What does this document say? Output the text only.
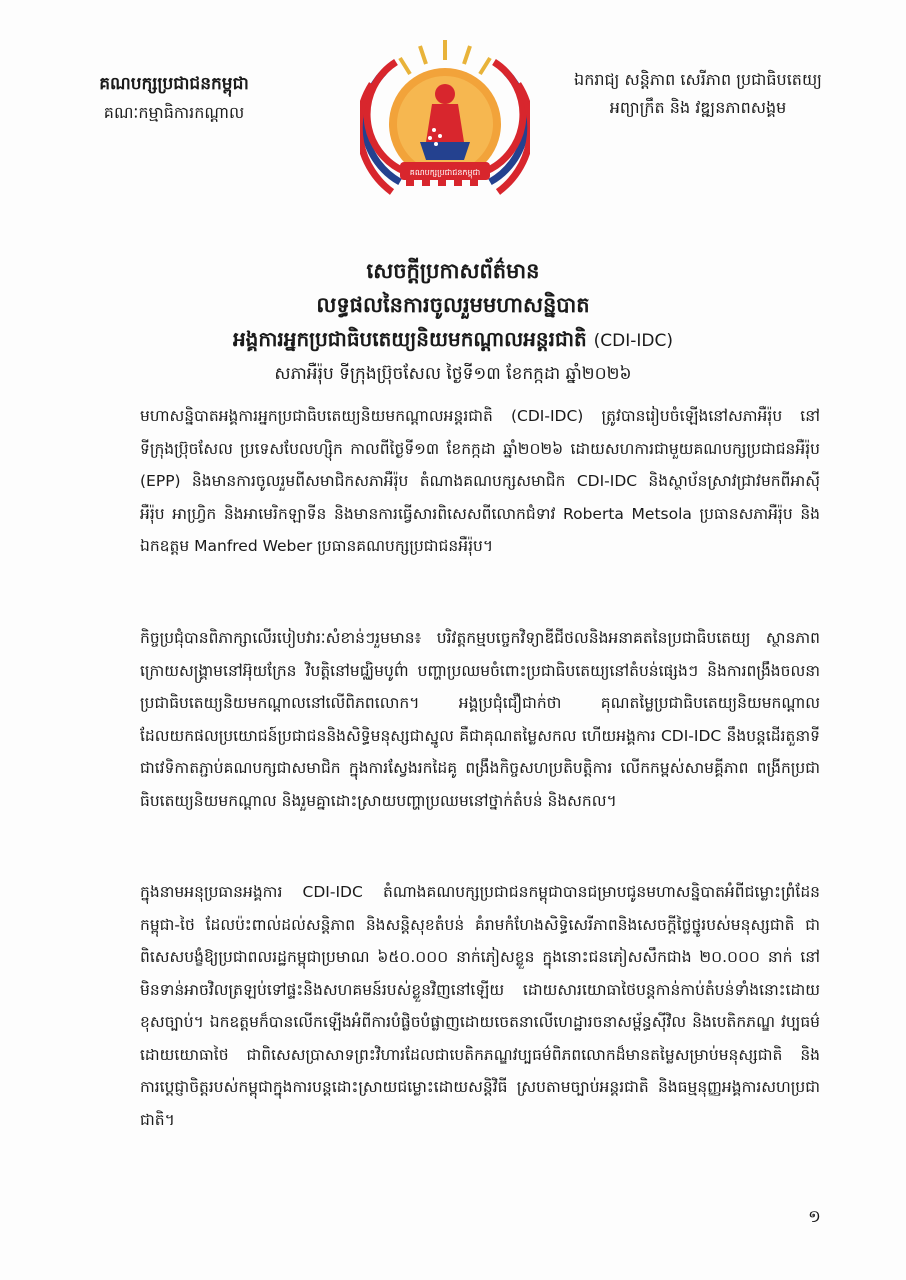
គណបក្សប្រជាជនកម្ពុជា
គណៈកម្មាធិការកណ្តាល
គណបក្សប្រជាជនកម្ពុជា
ឯករាជ្យ សន្តិភាព សេរីភាព ប្រជាធិបតេយ្យ
អព្យាក្រឹត និង វឌ្ឍនភាពសង្គម
សេចក្តីប្រកាសព័ត៌មាន
លទ្ធផលនៃការចូលរួមមហាសន្និបាត
អង្គការអ្នកប្រជាធិបតេយ្យនិយមកណ្តាលអន្តរជាតិ (CDI-IDC)
សភាអឺរ៉ុប ទីក្រុងប្រ៊ុចសែល ថ្ងៃទី១៣ ខែកក្កដា ឆ្នាំ២០២៦
មហាសន្និបាតអង្គការអ្នកប្រជាធិបតេយ្យនិយមកណ្តាលអន្តរជាតិ (CDI-IDC) ត្រូវបានរៀបចំឡើងនៅសភាអឺរ៉ុប នៅទីក្រុងប្រ៊ុចសែល ប្រទេសបែលហ្ស៊ិក កាលពីថ្ងៃទី១៣ ខែកក្កដា ឆ្នាំ២០២៦ ដោយសហការជាមួយគណបក្សប្រជាជនអឺរ៉ុប (EPP) និងមានការចូលរួមពីសមាជិកសភាអឺរ៉ុប តំណាងគណបក្សសមាជិក CDI-IDC និងស្ថាប័នស្រាវជ្រាវមកពីអាស៊ី អឺរ៉ុប អាហ្វ្រិក និងអាមេរិកឡាទីន និងមានការធ្វើសារពិសេសពីលោកជំទាវ Roberta Metsola ប្រធានសភាអឺរ៉ុប និងឯកឧត្តម Manfred Weber ប្រធានគណបក្សប្រជាជនអឺរ៉ុប។
កិច្ចប្រជុំបានពិភាក្សាលើរបៀបវារៈសំខាន់ៗរួមមាន៖ បរិវត្តកម្មបច្ចេកវិទ្យាឌីជីថលនិងអនាគតនៃប្រជាធិបតេយ្យ ស្ថានភាពក្រោយសង្គ្រាមនៅអ៊ុយក្រែន វិបត្តិនៅមជ្ឈិមបូព៌ា បញ្ហាប្រឈមចំពោះប្រជាធិបតេយ្យនៅតំបន់ផ្សេងៗ និងការពង្រឹងចលនាប្រជាធិបតេយ្យនិយមកណ្តាលនៅលើពិភពលោក។ អង្គប្រជុំជឿជាក់ថា គុណតម្លៃប្រជាធិបតេយ្យនិយមកណ្តាលដែលយកផលប្រយោជន៍ប្រជាជននិងសិទ្ធិមនុស្សជាស្នូល គឺជាគុណតម្លៃសកល ហើយអង្គការ CDI-IDC នឹងបន្តដើរតួនាទីជាវេទិកាតភ្ជាប់គណបក្សជាសមាជិក ក្នុងការស្វែងរកដៃគូ ពង្រឹងកិច្ចសហប្រតិបត្តិការ លើកកម្ពស់សាមគ្គីភាព ពង្រីកប្រជាធិបតេយ្យនិយមកណ្តាល និងរួមគ្នាដោះស្រាយបញ្ហាប្រឈមនៅថ្នាក់តំបន់ និងសកល។
ក្នុងនាមអនុប្រធានអង្គការ CDI-IDC តំណាងគណបក្សប្រជាជនកម្ពុជាបានជម្រាបជូនមហាសន្និបាតអំពីជម្លោះព្រំដែនកម្ពុជា-ថៃ ដែលប៉ះពាល់ដល់សន្តិភាព និងសន្តិសុខតំបន់ គំរាមកំហែងសិទ្ធិសេរីភាពនិងសេចក្តីថ្លៃថ្នូរបស់មនុស្សជាតិ ជាពិសេសបង្ខំឱ្យប្រជាពលរដ្ឋកម្ពុជាប្រមាណ ៦៥០.០០០ នាក់ភៀសខ្លួន ក្នុងនោះជនភៀសសឹកជាង ២០.០០០ នាក់ នៅមិនទាន់អាចវិលត្រឡប់ទៅផ្ទះនិងសហគមន៍របស់ខ្លួនវិញនៅឡើយ ដោយសារយោធាថៃបន្តកាន់កាប់តំបន់ទាំងនោះដោយខុសច្បាប់។ ឯកឧត្តមក៏បានលើកឡើងអំពីការបំផ្លិចបំផ្លាញដោយចេតនាលើហេដ្ឋារចនាសម្ព័ន្ធស៊ីវិល និងបេតិកភណ្ឌ វប្បធម៌ដោយយោធាថៃ ជាពិសេសប្រាសាទព្រះវិហារដែលជាបេតិកភណ្ឌវប្បធម៌ពិភពលោកដ៏មានតម្លៃសម្រាប់មនុស្សជាតិ និងការប្តេជ្ញាចិត្តរបស់កម្ពុជាក្នុងការបន្តដោះស្រាយជម្លោះដោយសន្តិវិធី ស្របតាមច្បាប់អន្តរជាតិ និងធម្មនុញ្ញអង្គការសហប្រជាជាតិ។
១
